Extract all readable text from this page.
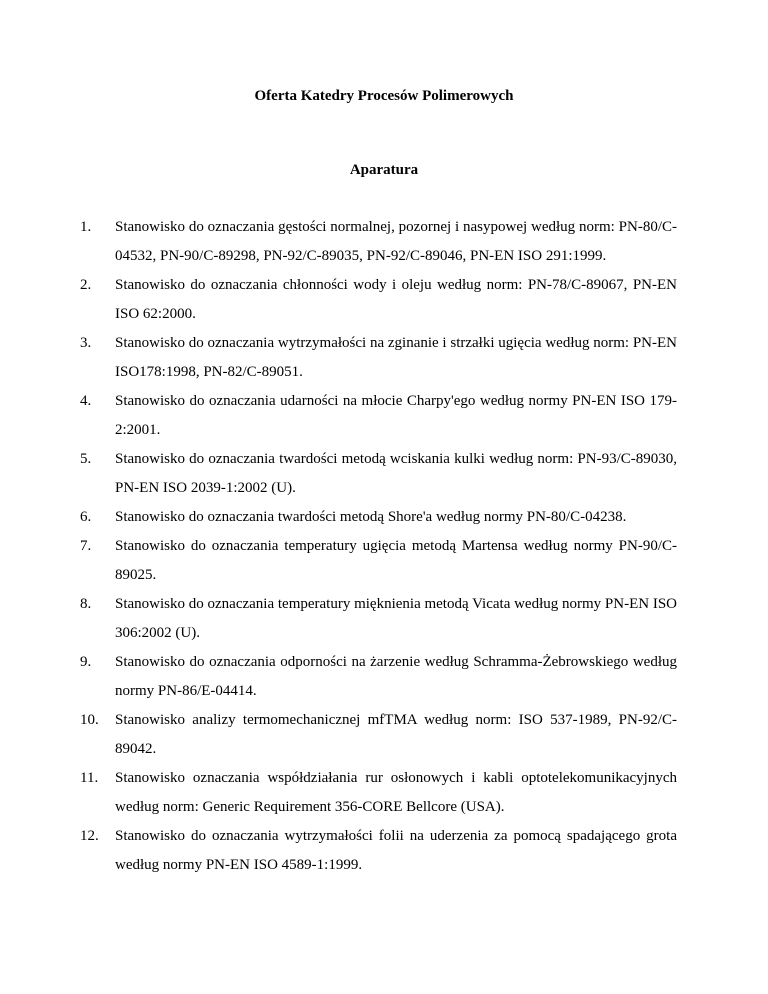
Oferta Katedry Procesów Polimerowych
Aparatura
1.	Stanowisko do oznaczania gęstości normalnej, pozornej i nasypowej według norm: PN-80/C-04532, PN-90/C-89298, PN-92/C-89035, PN-92/C-89046, PN-EN ISO 291:1999.
2.	Stanowisko do oznaczania chłonności wody i oleju według norm: PN-78/C-89067, PN-EN ISO 62:2000.
3.	Stanowisko do oznaczania wytrzymałości na zginanie i strzałki ugięcia według norm: PN-EN ISO178:1998, PN-82/C-89051.
4.	Stanowisko do oznaczania udarności na młocie Charpy'ego według normy PN-EN ISO 179-2:2001.
5.	Stanowisko do oznaczania twardości metodą wciskania kulki według norm: PN-93/C-89030, PN-EN ISO 2039-1:2002 (U).
6.	Stanowisko do oznaczania twardości metodą Shore'a według normy PN-80/C-04238.
7.	Stanowisko do oznaczania temperatury ugięcia metodą Martensa według normy PN-90/C-89025.
8.	Stanowisko do oznaczania temperatury mięknienia metodą Vicata według normy PN-EN ISO 306:2002 (U).
9.	Stanowisko do oznaczania odporności na żarzenie według Schramma-Żebrowskiego według normy PN-86/E-04414.
10.	Stanowisko analizy termomechanicznej mfTMA według norm: ISO 537-1989, PN-92/C-89042.
11.	Stanowisko oznaczania współdziałania rur osłonowych i kabli optotelekomunikacyjnych według norm: Generic Requirement 356-CORE Bellcore (USA).
12.	Stanowisko do oznaczania wytrzymałości folii na uderzenia za pomocą spadającego grota według normy PN-EN ISO 4589-1:1999.
